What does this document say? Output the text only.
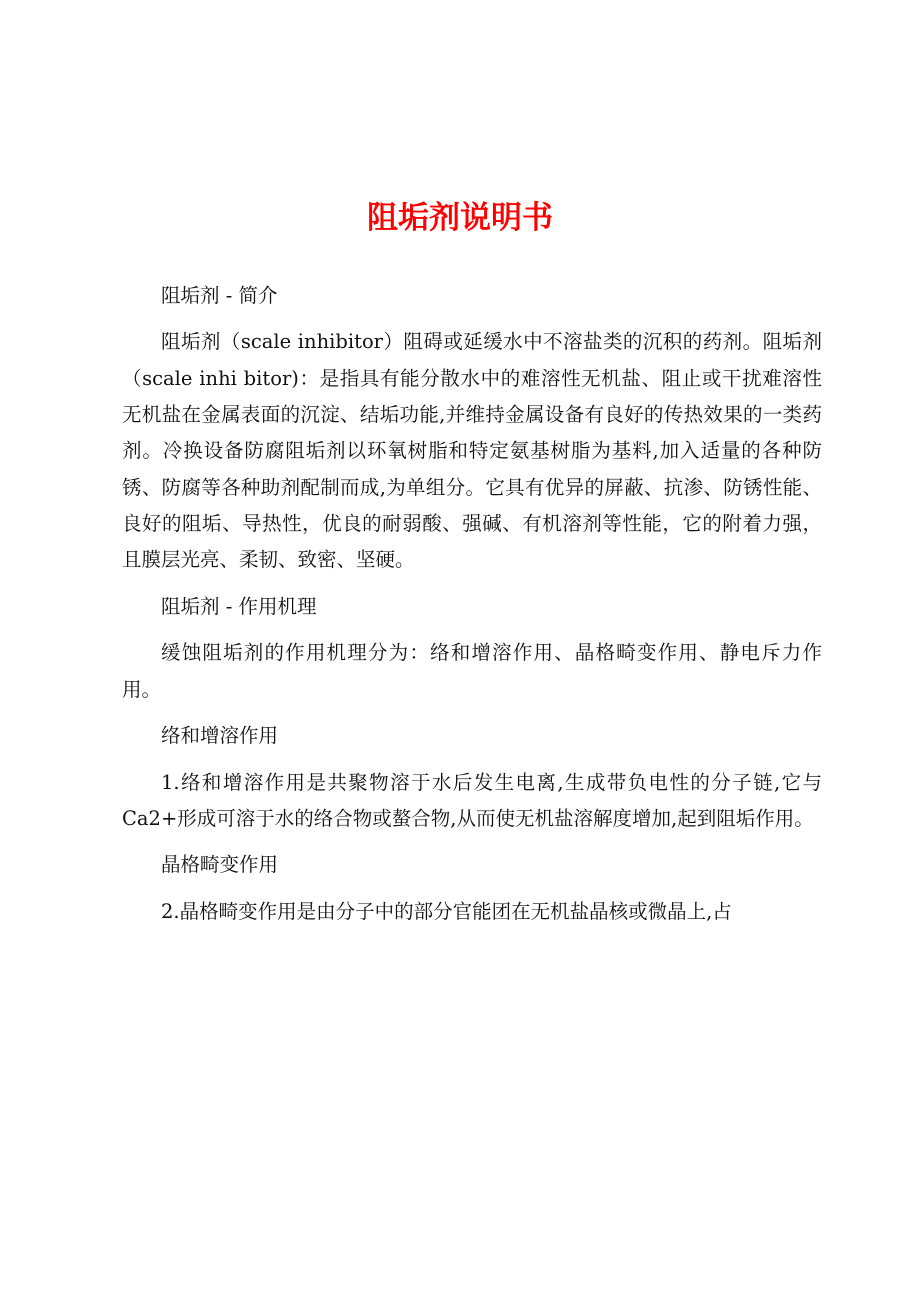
阻垢剂说明书

阻垢剂 - 简介

阻垢剂（scale inhibitor）阻碍或延缓水中不溶盐类的沉积的药剂。阻垢剂（scale inhi bitor)：是指具有能分散水中的难溶性无机盐、阻止或干扰难溶性无机盐在金属表面的沉淀、结垢功能,并维持金属设备有良好的传热效果的一类药剂。冷换设备防腐阻垢剂以环氧树脂和特定氨基树脂为基料,加入适量的各种防锈、防腐等各种助剂配制而成,为单组分。它具有优异的屏蔽、抗渗、防锈性能、良好的阻垢、导热性，优良的耐弱酸、强碱、有机溶剂等性能，它的附着力强，且膜层光亮、柔韧、致密、坚硬。

阻垢剂 - 作用机理

缓蚀阻垢剂的作用机理分为：络和增溶作用、晶格畸变作用、静电斥力作用。

络和增溶作用

1.络和增溶作用是共聚物溶于水后发生电离,生成带负电性的分子链,它与Ca2+形成可溶于水的络合物或螯合物,从而使无机盐溶解度增加,起到阻垢作用。

晶格畸变作用

2.晶格畸变作用是由分子中的部分官能团在无机盐晶核或微晶上,占
